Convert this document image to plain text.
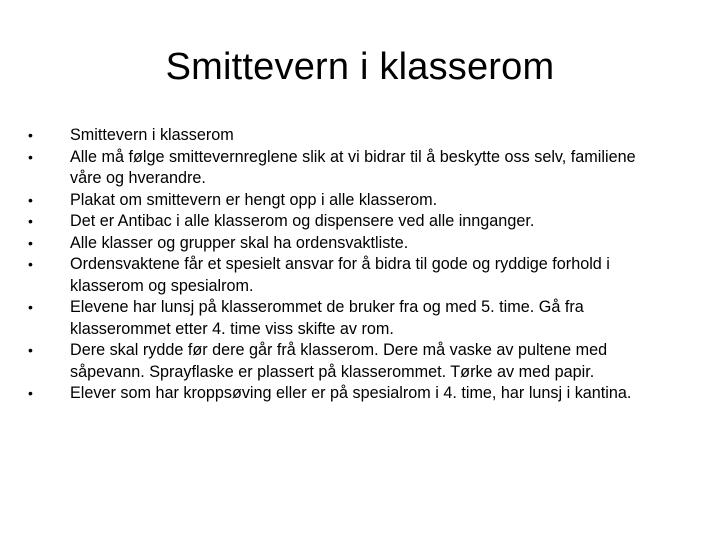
Smittevern i klasserom
•	Smittevern i klasserom
•	Alle må følge smittevernreglene slik at vi bidrar til å beskytte oss selv, familiene våre og hverandre.
•	Plakat om smittevern er hengt opp i alle klasserom.
•	Det er Antibac i alle klasserom og dispensere ved alle innganger.
•	Alle klasser og grupper skal ha ordensvaktliste.
•	Ordensvaktene får et spesielt ansvar for å bidra til gode og ryddige forhold i klasserom og spesialrom.
•	Elevene har lunsj på klasserommet de bruker fra og med 5. time. Gå fra klasserommet etter 4. time viss skifte av rom.
•	Dere skal rydde før dere går frå klasserom. Dere må vaske av pultene med såpevann. Sprayflaske er plassert på klasserommet. Tørke av med papir.
•	Elever som har kroppsøving eller er på spesialrom i 4. time, har lunsj i kantina.
